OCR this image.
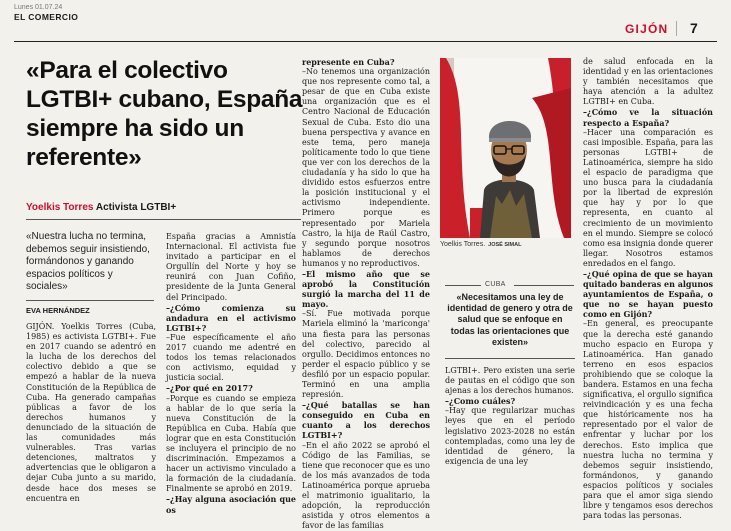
Lunes 01.07.24
EL COMERCIO
GIJÓN 7
«Para el colectivo LGTBI+ cubano, España siempre ha sido un referente»
Yoelkis Torres Activista LGTBI+
«Nuestra lucha no termina, debemos seguir insistiendo, formándonos y ganando espacios políticos y sociales»
EVA HERNÁNDEZ

GIJÓN. Yoelkis Torres (Cuba, 1985) es activista LGTBI+. Fue en 2017 cuando se adentró en la lucha de los derechos del colectivo debido a que se empezó a hablar de la nueva Constitución de la República de Cuba. Ha generado campañas públicas a favor de los derechos humanos y denunciado de la situación de las comunidades más vulnerables. Tras varias detenciones, maltratos y advertencias que le obligaron a dejar Cuba junto a su marido, desde hace dos meses se encuentra en

España gracias a Amnistía Internacional. El activista fue invitado a participar en el Orgullín del Norte y hoy se reunirá con Juan Cofiño, presidente de la Junta General del Principado.

–¿Cómo comienza su andadura en el activismo LGTBI+?

–Fue específicamente el año 2017 cuando me adentré en todos los temas relacionados con activismo, equidad y justicia social.

–¿Por qué en 2017?

–Porque es cuando se empieza a hablar de lo que sería la nueva Constitución de la República en Cuba. Había que lograr que en esta Constitución se incluyera el principio de no discriminación. Empezamos a hacer un activismo vinculado a la formación de la ciudadanía. Finalmente se aprobó en 2019.

–¿Hay alguna asociación que os

represente en Cuba?

–No tenemos una organización que nos represente como tal, a pesar de que en Cuba existe una organización que es el Centro Nacional de Educación Sexual de Cuba. Esto dio una buena perspectiva y avance en este tema, pero maneja políticamente todo lo que tiene que ver con los derechos de la ciudadanía y ha sido lo que ha dividido estos esfuerzos entre la posición institucional y el activismo independiente. Primero porque es representado por Mariela Castro, la hija de Raúl Castro, y segundo porque nosotros hablamos de derechos humanos y no reproductivos.

–El mismo año que se aprobó la Constitución surgió la marcha del 11 de mayo.

–Sí. Fue motivada porque Mariela eliminó la 'mariconga' una fiesta para las personas del colectivo, parecido al orgullo. Decidimos entonces no perder el espacio público y se desfiló por un espacio popular. Terminó en una amplia represión.

–¿Qué batallas se han conseguido en Cuba en cuanto a los derechos LGTBI+?

–En el año 2022 se aprobó el Código de las Familias, se tiene que reconocer que es uno de los más avanzados de toda Latinoamérica porque aprueba el matrimonio igualitario, la adopción, la reproducción asistida y otros elementos a favor de las familias

Yoelkis Torres. JOSÉ SIMAL
CUBA
«Necesitamos una ley de identidad de genero y otra de salud que se enfoque en todas las orientaciones que existen»

LGTBI+. Pero existen una serie de pautas en el código que son ajenas a los derechos humanos.

–¿Como cuáles?

–Hay que regularizar muchas leyes que en el período legislativo 2023-2028 no están contempladas, como una ley de identidad de género, la exigencia de una ley

de salud enfocada en la identidad y en las orientaciones y también necesitamos que haya atención a la adultez LGTBI+ en Cuba.

–¿Cómo ve la situación respecto a España?

–Hacer una comparación es casi imposible. España, para las personas LGTBI+ de Latinoamérica, siempre ha sido el espacio de paradigma que uno busca para la ciudadanía por la libertad de expresión que hay y por lo que representa, en cuanto al crecimiento de un movimiento en el mundo. Siempre se colocó como esa insignia donde querer llegar. Nosotros estamos enredados en el fango.

–¿Qué opina de que se hayan quitado banderas en algunos ayuntamientos de España, o que no se hayan puesto como en Gijón?

–En general, es preocupante que la derecha esté ganando mucho espacio en Europa y Latinoamérica. Han ganado terreno en esos espacios prohibiendo que se coloque la bandera. Estamos en una fecha significativa, el orgullo significa reivindicación y es una fecha que históricamente nos ha representado por el valor de enfrentar y luchar por los derechos. Esto implica que nuestra lucha no termina y debemos seguir insistiendo, formándonos, y ganando espacios políticos y sociales para que el amor siga siendo libre y tengamos esos derechos para todas las personas.
